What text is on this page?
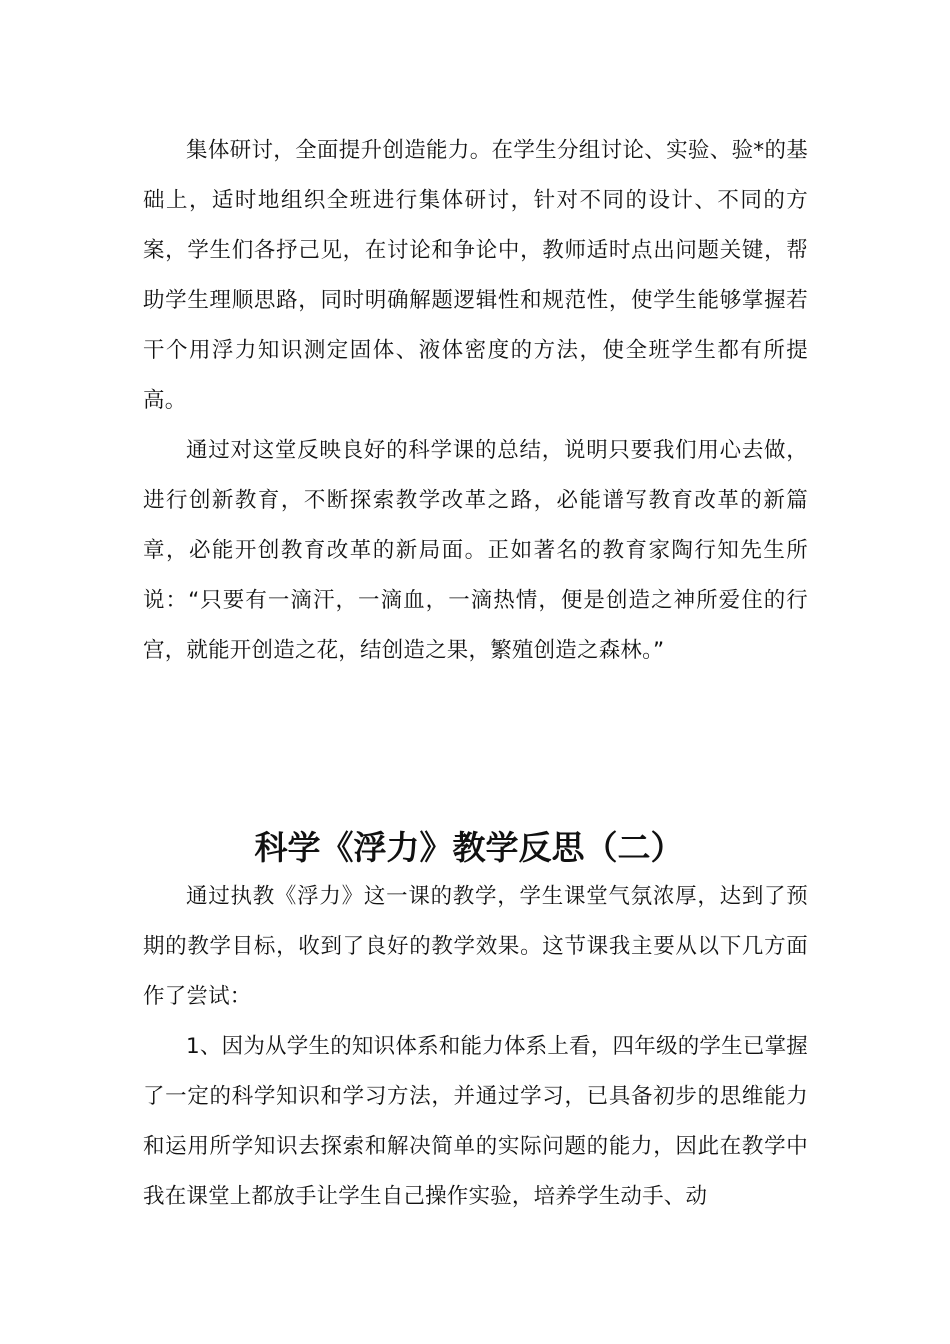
集体研讨，全面提升创造能力。在学生分组讨论、实验、验*的基础上，适时地组织全班进行集体研讨，针对不同的设计、不同的方案，学生们各抒己见，在讨论和争论中，教师适时点出问题关键，帮助学生理顺思路，同时明确解题逻辑性和规范性，使学生能够掌握若干个用浮力知识测定固体、液体密度的方法，使全班学生都有所提高。

通过对这堂反映良好的科学课的总结，说明只要我们用心去做，进行创新教育，不断探索教学改革之路，必能谱写教育改革的新篇章，必能开创教育改革的新局面。正如著名的教育家陶行知先生所说：“只要有一滴汗，一滴血，一滴热情，便是创造之神所爱住的行宫，就能开创造之花，结创造之果，繁殖创造之森林。”

科学《浮力》教学反思（二）

通过执教《浮力》这一课的教学，学生课堂气氛浓厚，达到了预期的教学目标，收到了良好的教学效果。这节课我主要从以下几方面作了尝试：

1、因为从学生的知识体系和能力体系上看，四年级的学生已掌握了一定的科学知识和学习方法，并通过学习，已具备初步的思维能力和运用所学知识去探索和解决简单的实际问题的能力，因此在教学中我在课堂上都放手让学生自己操作实验，培养学生动手、动
